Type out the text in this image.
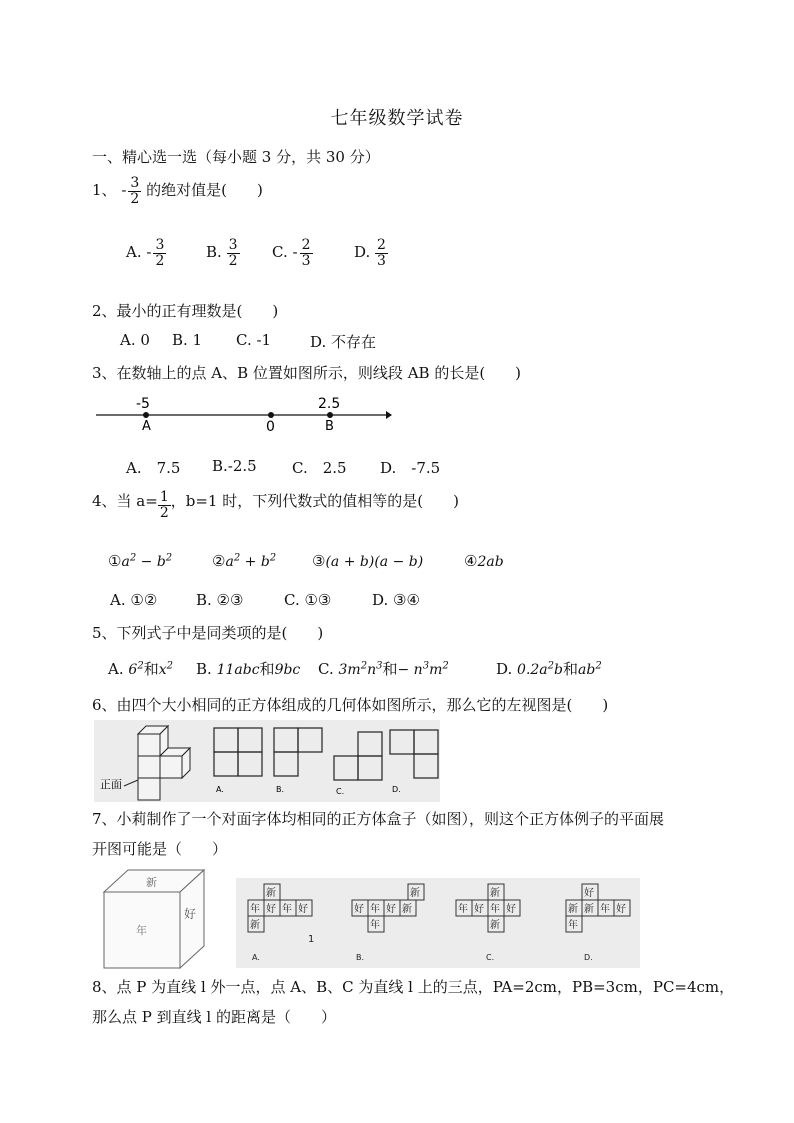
七年级数学试卷
一、精心选一选（每小题 3 分，共 30 分）
1、 - $\frac{3}{2}$ 的绝对值是(　　)
A. - $\frac{3}{2}$	B. $\frac{3}{2} C$. - $\frac{2}{3}$	D. $\frac{2}{3}$
2、最小的正有理数是(　　)
A. 0 B. 1 C. -1	D. 不存在
3、在数轴上的点 A、B 位置如图所示，则线段 AB 的长是(　　)
-5
A	0
2.5
B
A.　7.5 B.-2.5 C.　2.5 D.　-7.5
4、当 $a= \frac{1}{2}$ ，b=1 时，下列代数式的值相等的是(　　)
$①a^2 - b^2$	$②a^2 + b^2$ ③(a + b)(a − b)	④2ab
A. ①②	B. ②③	C. ①③	D. ③④
5、下列式子中是同类项的是(　　)
A. $6^2$和$x^2$ B. 11abc和9bc C. $3m^2n^3$和− $n^3m^2$	D. $0.2a^2b$和$ab^2$
6、由四个大小相同的正方体组成的几何体如图所示，那么它的左视图是(　　)
正面	A.	B.	C.	D.
7、小莉制作了一个对面字体均相同的正方体盒子（如图），则这个正方体例子的平面展
开图可能是（　　）
新
年
好
新
年 好 年 好
新
A.
1
新
好 年 好 新
年
B.
新
年 好 年 好
新
C.
好
新 新 年 好
年
D.
8、点 P 为直线 l 外一点，点 A、B、C 为直线 l 上的三点，PA=2cm，PB=3cm，PC=4cm，
那么点 P 到直线 l 的距离是（　　）
